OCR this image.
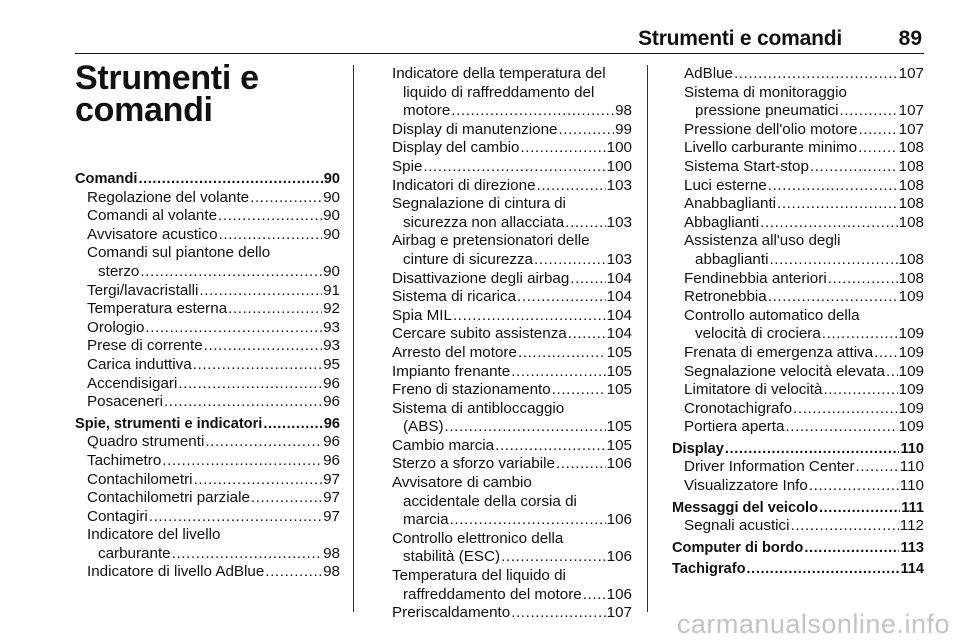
Strumenti e comandi	89
Strumenti e
comandi
Comandi .....	90
Regolazione del volante .....	90
Comandi al volante .....	90
Avvisatore acustico .....	90
Comandi sul piantone dello
sterzo .....	90
Tergi/lavacristalli .....	91
Temperatura esterna .....	92
Orologio .....	93
Prese di corrente .....	93
Carica induttiva .....	95
Accendisigari .....	96
Posaceneri .....	96
Spie, strumenti e indicatori .....	96
Quadro strumenti .....	96
Tachimetro .....	96
Contachilometri .....	97
Contachilometri parziale .....	97
Contagiri .....	97
Indicatore del livello
carburante .....	98
Indicatore di livello AdBlue .....	98
Indicatore della temperatura del
liquido di raffreddamento del
motore .....	98
Display di manutenzione .....	99
Display del cambio .....	100
Spie .....	100
Indicatori di direzione .....	103
Segnalazione di cintura di
sicurezza non allacciata .....	103
Airbag e pretensionatori delle
cinture di sicurezza .....	103
Disattivazione degli airbag ..... 104
Sistema di ricarica .....	104
Spia MIL .....	104
Cercare subito assistenza .....	104
Arresto del motore .....	105
Impianto frenante .....	105
Freno di stazionamento .....	105
Sistema di antibloccaggio
(ABS) .....	105
Cambio marcia .....	105
Sterzo a sforzo variabile .....	106
Avvisatore di cambio
accidentale della corsia di
marcia .....	106
Controllo elettronico della
stabilità (ESC) .....	106
Temperatura del liquido di
raffreddamento del motore ..... 106
Preriscaldamento .....	107
AdBlue .....	107
Sistema di monitoraggio
pressione pneumatici .....	107
Pressione dell'olio motore .....	107
Livello carburante minimo .....	108
Sistema Start-stop .....	108
Luci esterne .....	108
Anabbaglianti .....	108
Abbaglianti .....	108
Assistenza all'uso degli
abbaglianti .....	108
Fendinebbia anteriori .....	108
Retronebbia .....	109
Controllo automatico della
velocità di crociera .....	109
Frenata di emergenza attiva ..... 109
Segnalazione velocità elevata ..... 109
Limitatore di velocità .....	109
Cronotachigrafo .....	109
Portiera aperta .....	109
Display .....	110
Driver Information Center .....	110
Visualizzatore Info .....	110
Messaggi del veicolo .....	111
Segnali acustici .....	112
Computer di bordo .....	113
Tachigrafo .....	114
carmanualsonline.info
